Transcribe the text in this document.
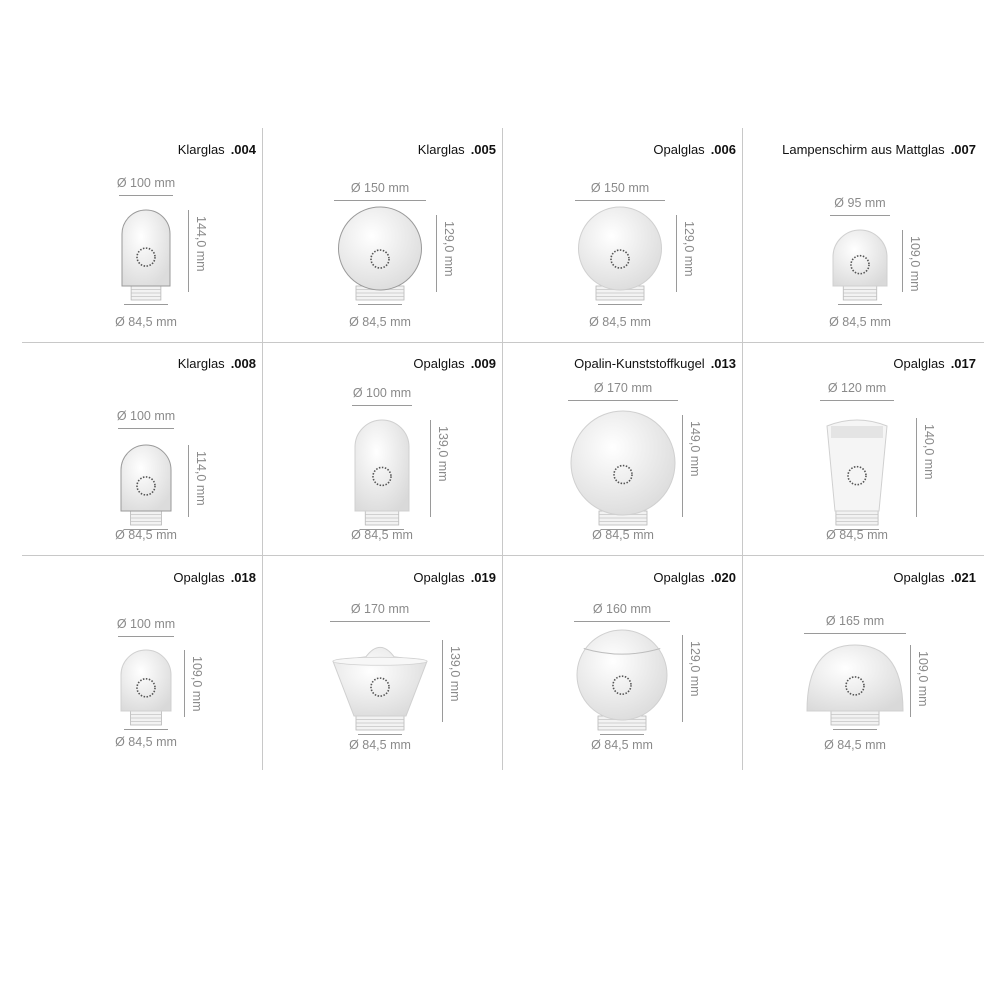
Klarglas .004
Ø 100 mm
Ø 84,5 mm
144,0 mm
Klarglas .005
Ø 150 mm
Ø 84,5 mm
129,0 mm
Opalglas .006
Ø 150 mm
Ø 84,5 mm
129,0 mm
Lampenschirm aus Mattglas .007
Ø 95 mm
Ø 84,5 mm
109,0 mm
Klarglas .008
Ø 100 mm
Ø 84,5 mm
114,0 mm
Opalglas .009
Ø 100 mm
Ø 84,5 mm
139,0 mm
Opalin-Kunststoffkugel .013
Ø 170 mm
Ø 84,5 mm
149,0 mm
Opalglas .017
Ø 120 mm
Ø 84,5 mm
140,0 mm
Opalglas .018
Ø 100 mm
Ø 84,5 mm
109,0 mm
Opalglas .019
Ø 170 mm
Ø 84,5 mm
139,0 mm
Opalglas .020
Ø 160 mm
Ø 84,5 mm
129,0 mm
Opalglas .021
Ø 165 mm
Ø 84,5 mm
109,0 mm
